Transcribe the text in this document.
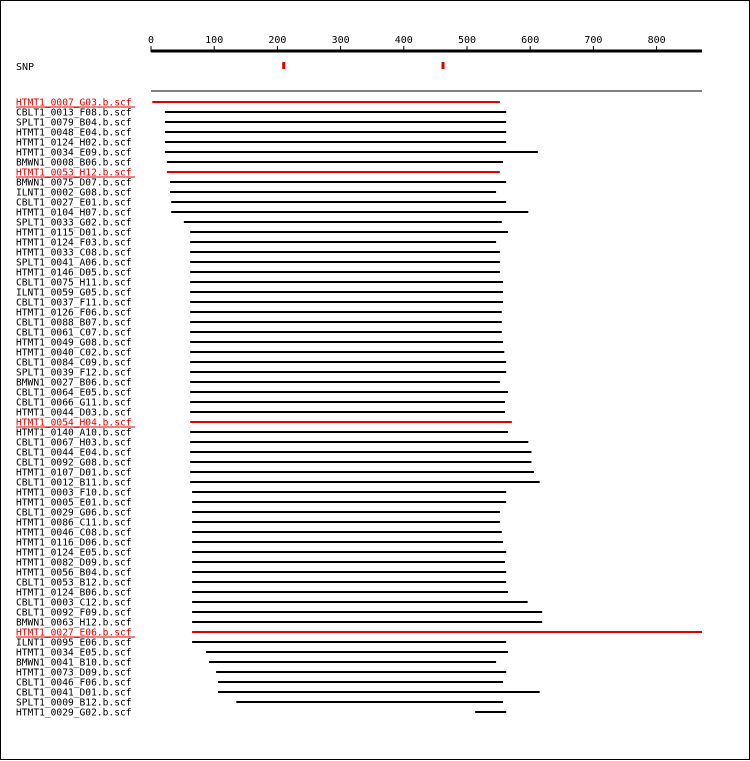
0	100	200	300	400	500	600	700	800
SNP
HTMT1_0007_G03.b.scf
CBLT1_0013_F08.b.scf
SPLT1_0079_B04.b.scf
HTMT1_0048_E04.b.scf
HTMT1_0124_H02.b.scf
HTMT1_0034_E09.b.scf
BMWN1_0008_B06.b.scf
HTMT1_0053_H12.b.scf
BMWN1_0075_D07.b.scf
ILNT1_0002_G08.b.scf
CBLT1_0027_E01.b.scf
HTMT1_0104_H07.b.scf
SPLT1_0033_G02.b.scf
HTMT1_0115_D01.b.scf
HTMT1_0124_F03.b.scf
HTMT1_0033_C08.b.scf
SPLT1_0041_A06.b.scf
HTMT1_0146_D05.b.scf
CBLT1_0075_H11.b.scf
ILNT1_0059_G05.b.scf
CBLT1_0037_F11.b.scf
HTMT1_0126_F06.b.scf
CBLT1_0088_B07.b.scf
CBLT1_0061_C07.b.scf
HTMT1_0049_G08.b.scf
HTMT1_0040_C02.b.scf
CBLT1_0084_C09.b.scf
SPLT1_0039_F12.b.scf
BMWN1_0027_B06.b.scf
CBLT1_0064_E05.b.scf
CBLT1_0066_G11.b.scf
HTMT1_0044_D03.b.scf
HTMT1_0054_H04.b.scf
HTMT1_0140_A10.b.scf
CBLT1_0067_H03.b.scf
CBLT1_0044_E04.b.scf
CBLT1_0092_G08.b.scf
HTMT1_0107_D01.b.scf
CBLT1_0012_B11.b.scf
HTMT1_0003_F10.b.scf
HTMT1_0005_E01.b.scf
CBLT1_0029_G06.b.scf
HTMT1_0086_C11.b.scf
HTMT1_0046_C08.b.scf
HTMT1_0116_D06.b.scf
HTMT1_0124_E05.b.scf
HTMT1_0082_D09.b.scf
HTMT1_0056_B04.b.scf
CBLT1_0053_B12.b.scf
HTMT1_0124_B06.b.scf
CBLT1_0003_C12.b.scf
CBLT1_0092_F09.b.scf
BMWN1_0063_H12.b.scf
HTMT1_0027_E06.b.scf
ILNT1_0095_E06.b.scf
HTMT1_0034_E05.b.scf
BMWN1_0041_B10.b.scf
HTMT1_0073_D09.b.scf
CBLT1_0046_F06.b.scf
CBLT1_0041_D01.b.scf
SPLT1_0009_B12.b.scf
HTMT1_0029_G02.b.scf
